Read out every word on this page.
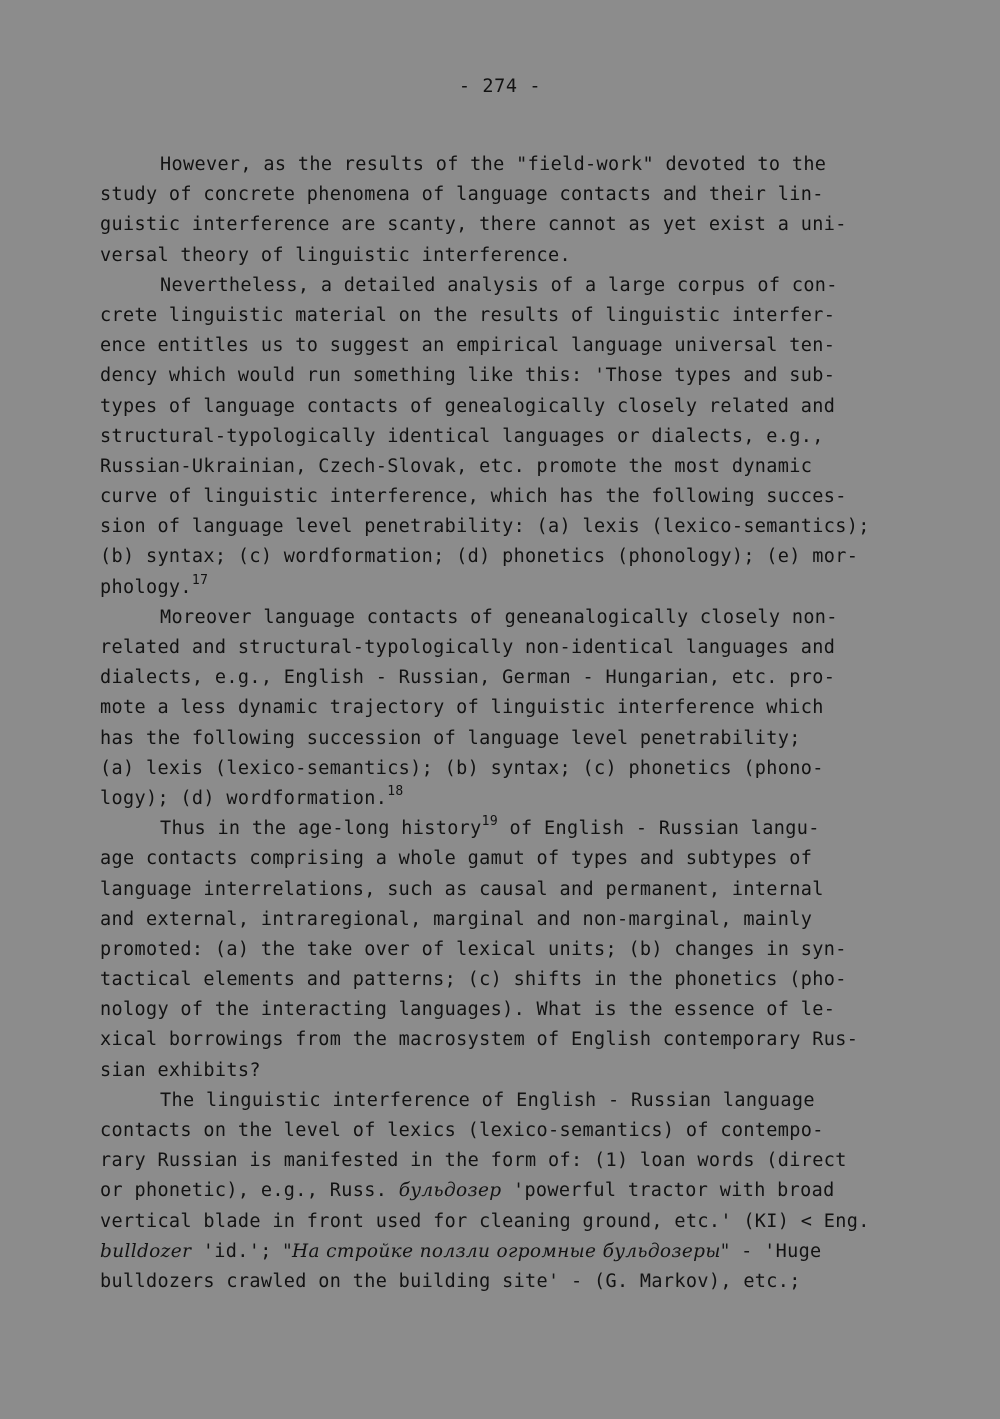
- 274 -
However, as the results of the "field-work" devoted to the
study of concrete phenomena of language contacts and their lin-
guistic interference are scanty, there cannot as yet exist a uni-
versal theory of linguistic interference.
Nevertheless, a detailed analysis of a large corpus of con-
crete linguistic material on the results of linguistic interfer-
ence entitles us to suggest an empirical language universal ten-
dency which would run something like this: 'Those types and sub-
types of language contacts of genealogically closely related and
structural-typologically identical languages or dialects, e.g.,
Russian-Ukrainian, Czech-Slovak, etc. promote the most dynamic
curve of linguistic interference, which has the following succes-
sion of language level penetrability: (a) lexis (lexico-semantics);
(b) syntax; (c) wordformation; (d) phonetics (phonology); (e) mor-
phology.$^{17}$
Moreover language contacts of geneanalogically closely non-
related and structural-typologically non-identical languages and
dialects, e.g., English - Russian, German - Hungarian, etc. pro-
mote a less dynamic trajectory of linguistic interference which
has the following succession of language level penetrability;
(a) lexis (lexico-semantics); (b) syntax; (c) phonetics (phono-
logy); (d) wordformation.$^{18}$
Thus in the age-long history$^{19}$ of English - Russian langu-
age contacts comprising a whole gamut of types and subtypes of
language interrelations, such as causal and permanent, internal
and external, intraregional, marginal and non-marginal, mainly
promoted: (a) the take over of lexical units; (b) changes in syn-
tactical elements and patterns; (c) shifts in the phonetics (pho-
nology of the interacting languages). What is the essence of le-
xical borrowings from the macrosystem of English contemporary Rus-
sian exhibits?
The linguistic interference of English - Russian language
contacts on the level of lexics (lexico-semantics) of contempo-
rary Russian is manifested in the form of: (1) loan words (direct
or phonetic), e.g., Russ. бульдозер 'powerful tractor with broad
vertical blade in front used for cleaning ground, etc.' (KI) < Eng.
bulldozer 'id.'; "На стройке ползли огромные бульдозеры" - 'Huge
bulldozers crawled on the building site' - (G. Markov), etc.;
